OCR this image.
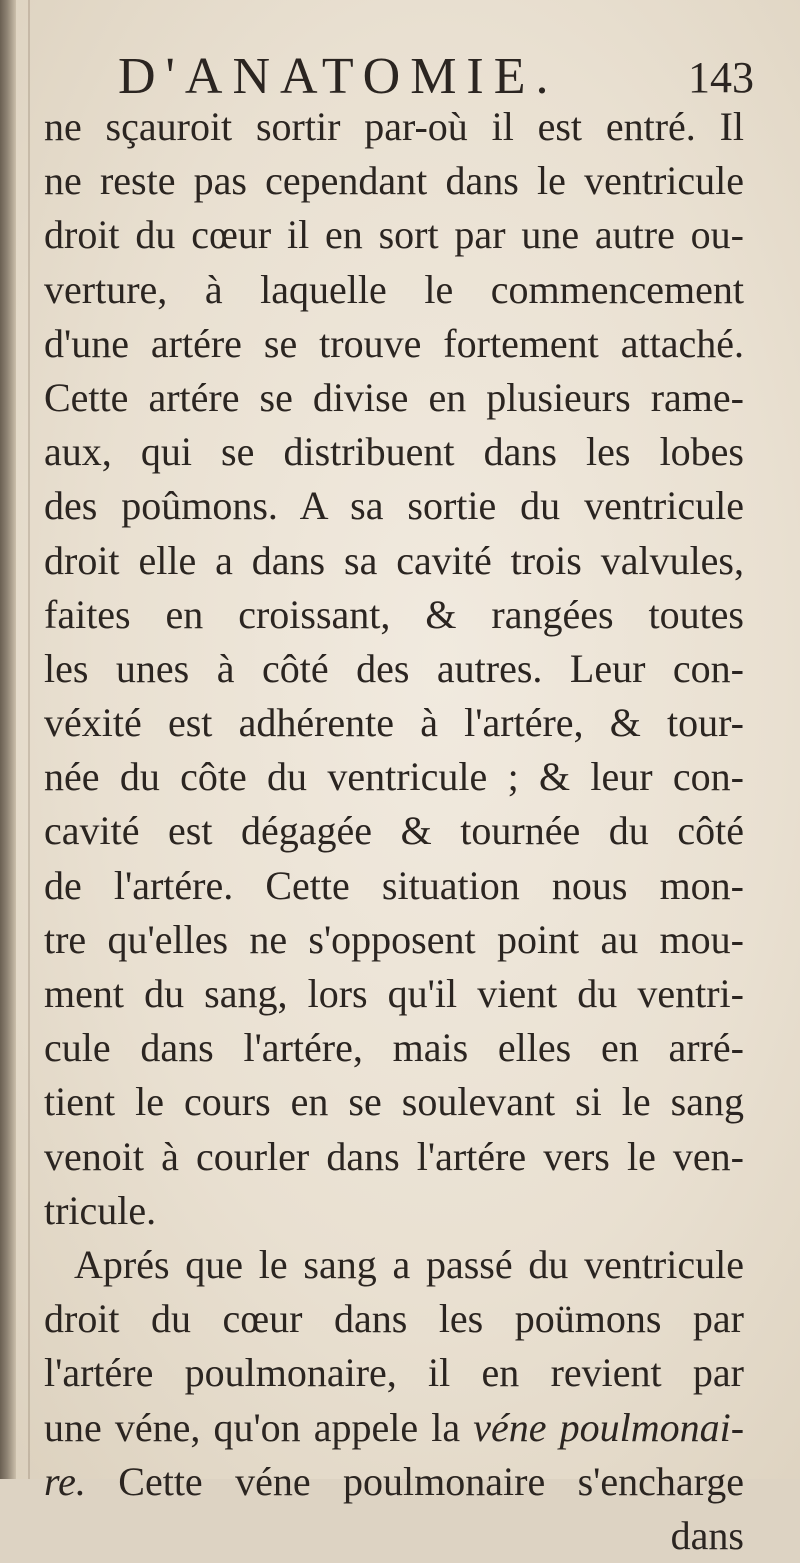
D'ANATOMIE.	143
ne sçauroit sortir par-où il est entré. Il
ne reste pas cependant dans le ventricule
droit du cœur il en sort par une autre ou-
verture, à laquelle le commencement
d'une artére se trouve fortement attaché.
Cette artére se divise en plusieurs rame-
aux, qui se distribuent dans les lobes
des poûmons. A sa sortie du ventricule
droit elle a dans sa cavité trois valvules,
faites en croissant, & rangées toutes
les unes à côté des autres. Leur con-
véxité est adhérente à l'artére, & tour-
née du côte du ventricule ; & leur con-
cavité est dégagée & tournée du côté
de l'artére. Cette situation nous mon-
tre qu'elles ne s'opposent point au mou-
ment du sang, lors qu'il vient du ventri-
cule dans l'artére, mais elles en arré-
tient le cours en se soulevant si le sang
venoit à courler dans l'artére vers le ven-
tricule.
Aprés que le sang a passé du ventricule
droit du cœur dans les poümons par
l'artére poulmonaire, il en revient par
une véne, qu'on appele la véne poulmonai-
re. Cette véne poulmonaire s'encharge
dans
